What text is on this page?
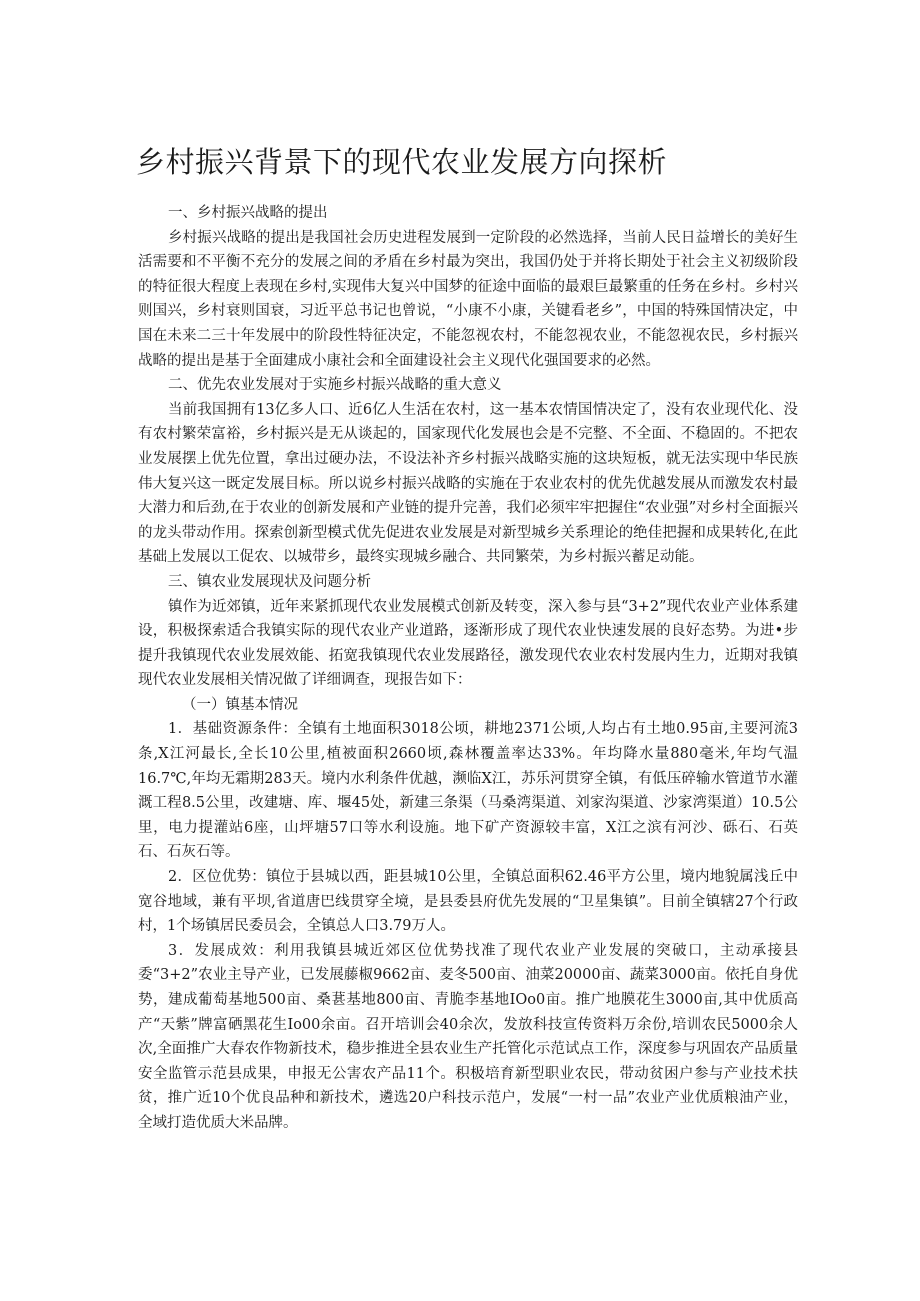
乡村振兴背景下的现代农业发展方向探析

一、乡村振兴战略的提出

乡村振兴战略的提出是我国社会历史进程发展到一定阶段的必然选择，当前人民日益增长的美好生活需要和不平衡不充分的发展之间的矛盾在乡村最为突出，我国仍处于并将长期处于社会主义初级阶段的特征很大程度上表现在乡村,实现伟大复兴中国梦的征途中面临的最艰巨最繁重的任务在乡村。乡村兴则国兴，乡村衰则国衰，习近平总书记也曾说，“小康不小康，关键看老乡”，中国的特殊国情决定，中国在未来二三十年发展中的阶段性特征决定，不能忽视农村，不能忽视农业，不能忽视农民，乡村振兴战略的提出是基于全面建成小康社会和全面建设社会主义现代化强国要求的必然。

二、优先农业发展对于实施乡村振兴战略的重大意义

当前我国拥有13亿多人口、近6亿人生活在农村，这一基本农情国情决定了，没有农业现代化、没有农村繁荣富裕，乡村振兴是无从谈起的，国家现代化发展也会是不完整、不全面、不稳固的。不把农业发展摆上优先位置，拿出过硬办法，不设法补齐乡村振兴战略实施的这块短板，就无法实现中华民族伟大复兴这一既定发展目标。所以说乡村振兴战略的实施在于农业农村的优先优越发展从而激发农村最大潜力和后劲,在于农业的创新发展和产业链的提升完善，我们必须牢牢把握住“农业强”对乡村全面振兴的龙头带动作用。探索创新型模式优先促进农业发展是对新型城乡关系理论的绝佳把握和成果转化,在此基础上发展以工促农、以城带乡，最终实现城乡融合、共同繁荣，为乡村振兴蓄足动能。

三、镇农业发展现状及问题分析

镇作为近郊镇，近年来紧抓现代农业发展模式创新及转变，深入参与县“3+2”现代农业产业体系建设，积极探索适合我镇实际的现代农业产业道路，逐渐形成了现代农业快速发展的良好态势。为进•步提升我镇现代农业发展效能、拓宽我镇现代农业发展路径，激发现代农业农村发展内生力，近期对我镇现代农业发展相关情况做了详细调查，现报告如下：

（一）镇基本情况

1．基础资源条件：全镇有土地面积3018公顷，耕地2371公顷,人均占有土地0.95亩,主要河流3条,X江河最长,全长10公里,植被面积2660顷,森林覆盖率达33%。年均降水量880毫米,年均气温16.7℃,年均无霜期283天。境内水利条件优越，濒临X江，苏乐河贯穿全镇，有低压碎输水管道节水灌溉工程8.5公里，改建塘、库、堰45处，新建三条渠（马桑湾渠道、刘家沟渠道、沙家湾渠道）10.5公里，电力提灌站6座，山坪塘57口等水利设施。地下矿产资源较丰富，X江之滨有河沙、砾石、石英石、石灰石等。

2．区位优势：镇位于县城以西，距县城10公里，全镇总面积62.46平方公里，境内地貌属浅丘中宽谷地域，兼有平坝,省道唐巴线贯穿全境，是县委县府优先发展的“卫星集镇”。目前全镇辖27个行政村，1个场镇居民委员会，全镇总人口3.79万人。

3．发展成效：利用我镇县城近郊区位优势找准了现代农业产业发展的突破口，主动承接县委“3+2”农业主导产业，已发展藤椒9662亩、麦冬500亩、油菜20000亩、蔬菜3000亩。依托自身优势，建成葡萄基地500亩、桑葚基地800亩、青脆李基地IOo0亩。推广地膜花生3000亩,其中优质高产“天紫”牌富硒黑花生Io00余亩。召开培训会40余次，发放科技宣传资料万余份,培训农民5000余人次,全面推广大春农作物新技术，稳步推进全县农业生产托管化示范试点工作，深度参与巩固农产品质量安全监管示范县成果，申报无公害农产品11个。积极培育新型职业农民，带动贫困户参与产业技术扶贫，推广近10个优良品种和新技术，遴选20户科技示范户，发展“一村一品”农业产业优质粮油产业，全域打造优质大米品牌。
